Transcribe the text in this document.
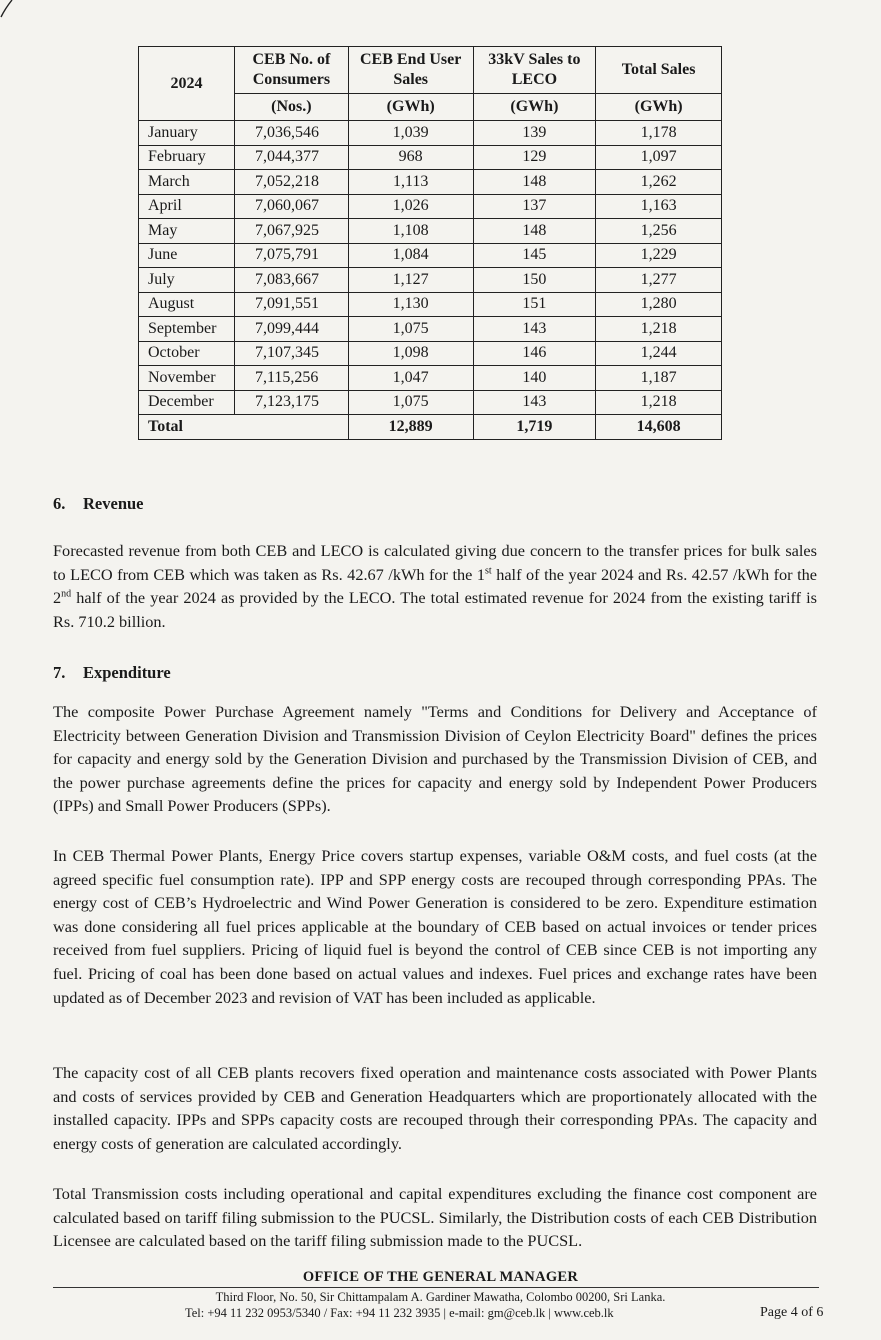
2024	CEB No. of Consumers	CEB End User Sales	33kV Sales to LECO	Total Sales
	(Nos.)	(GWh)	(GWh)	(GWh)
January	7,036,546	1,039	139	1,178
February	7,044,377	968	129	1,097
March	7,052,218	1,113	148	1,262
April	7,060,067	1,026	137	1,163
May	7,067,925	1,108	148	1,256
June	7,075,791	1,084	145	1,229
July	7,083,667	1,127	150	1,277
August	7,091,551	1,130	151	1,280
September	7,099,444	1,075	143	1,218
October	7,107,345	1,098	146	1,244
November	7,115,256	1,047	140	1,187
December	7,123,175	1,075	143	1,218
Total		12,889	1,719	14,608
6. Revenue
Forecasted revenue from both CEB and LECO is calculated giving due concern to the transfer prices for bulk sales to LECO from CEB which was taken as Rs. 42.67 /kWh for the 1st half of the year 2024 and Rs. 42.57 /kWh for the 2nd half of the year 2024 as provided by the LECO. The total estimated revenue for 2024 from the existing tariff is Rs. 710.2 billion.
7. Expenditure
The composite Power Purchase Agreement namely "Terms and Conditions for Delivery and Acceptance of Electricity between Generation Division and Transmission Division of Ceylon Electricity Board" defines the prices for capacity and energy sold by the Generation Division and purchased by the Transmission Division of CEB, and the power purchase agreements define the prices for capacity and energy sold by Independent Power Producers (IPPs) and Small Power Producers (SPPs).
In CEB Thermal Power Plants, Energy Price covers startup expenses, variable O&M costs, and fuel costs (at the agreed specific fuel consumption rate). IPP and SPP energy costs are recouped through corresponding PPAs. The energy cost of CEB’s Hydroelectric and Wind Power Generation is considered to be zero. Expenditure estimation was done considering all fuel prices applicable at the boundary of CEB based on actual invoices or tender prices received from fuel suppliers. Pricing of liquid fuel is beyond the control of CEB since CEB is not importing any fuel. Pricing of coal has been done based on actual values and indexes. Fuel prices and exchange rates have been updated as of December 2023 and revision of VAT has been included as applicable.
The capacity cost of all CEB plants recovers fixed operation and maintenance costs associated with Power Plants and costs of services provided by CEB and Generation Headquarters which are proportionately allocated with the installed capacity. IPPs and SPPs capacity costs are recouped through their corresponding PPAs. The capacity and energy costs of generation are calculated accordingly.
Total Transmission costs including operational and capital expenditures excluding the finance cost component are calculated based on tariff filing submission to the PUCSL. Similarly, the Distribution costs of each CEB Distribution Licensee are calculated based on the tariff filing submission made to the PUCSL.
OFFICE OF THE GENERAL MANAGER
Third Floor, No. 50, Sir Chittampalam A. Gardiner Mawatha, Colombo 00200, Sri Lanka.
Tel: +94 11 232 0953/5340 / Fax: +94 11 232 3935 | e-mail: gm@ceb.lk | www.ceb.lk	Page 4 of 6
